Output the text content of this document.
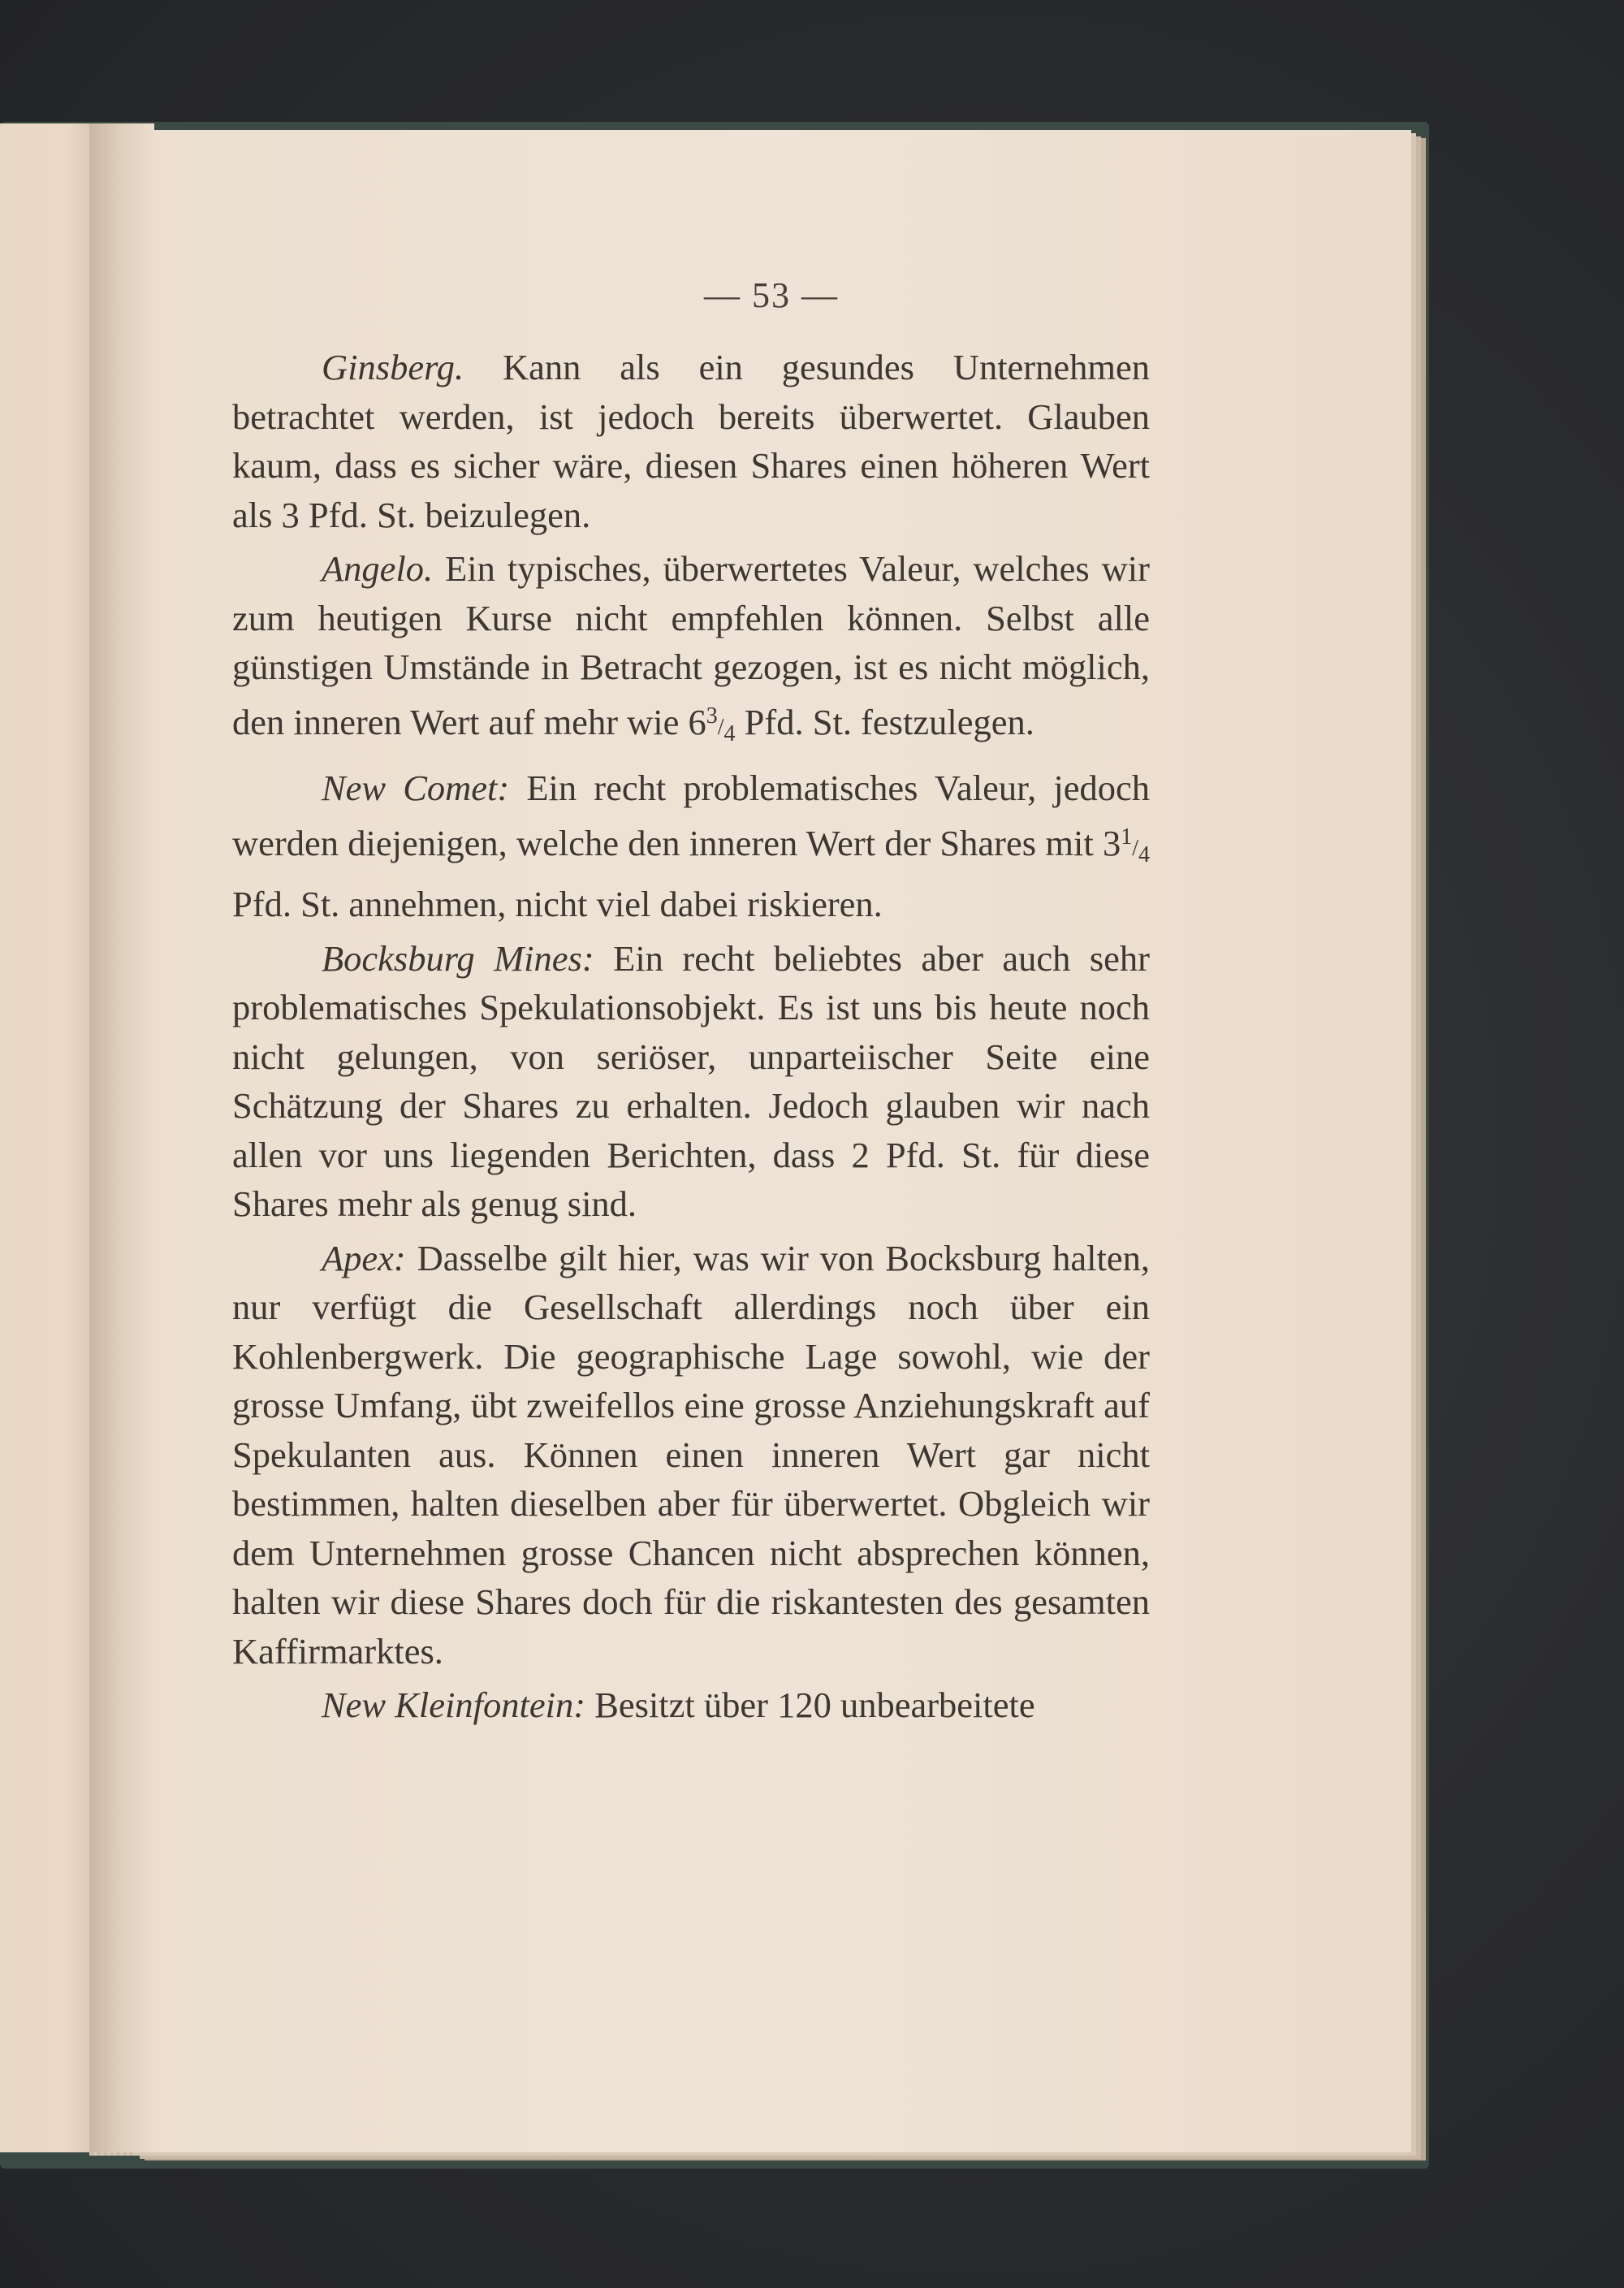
— 53 —

Ginsberg. Kann als ein gesundes Unternehmen betrachtet werden, ist jedoch bereits überwertet. Glauben kaum, dass es sicher wäre, diesen Shares einen höheren Wert als 3 Pfd. St. beizulegen.

Angelo. Ein typisches, überwertetes Valeur, welches wir zum heutigen Kurse nicht empfehlen können. Selbst alle günstigen Umstände in Betracht gezogen, ist es nicht möglich, den inneren Wert auf mehr wie $6^3/_4$ Pfd. St. festzulegen.

New Comet: Ein recht problematisches Valeur, jedoch werden diejenigen, welche den inneren Wert der Shares mit $3^1/_4$ Pfd. St. annehmen, nicht viel dabei riskieren.

Bocksburg Mines: Ein recht beliebtes aber auch sehr problematisches Spekulationsobjekt. Es ist uns bis heute noch nicht gelungen, von seriöser, unparteiischer Seite eine Schätzung der Shares zu erhalten. Jedoch glauben wir nach allen vor uns liegenden Berichten, dass 2 Pfd. St. für diese Shares mehr als genug sind.

Apex: Dasselbe gilt hier, was wir von Bocksburg halten, nur verfügt die Gesellschaft allerdings noch über ein Kohlenbergwerk. Die geographische Lage sowohl, wie der grosse Umfang, übt zweifellos eine grosse Anziehungskraft auf Spekulanten aus. Können einen inneren Wert gar nicht bestimmen, halten dieselben aber für überwertet. Obgleich wir dem Unternehmen grosse Chancen nicht absprechen können, halten wir diese Shares doch für die riskantesten des gesamten Kaffirmarktes.

New Kleinfontein: Besitzt über 120 unbearbeitete
